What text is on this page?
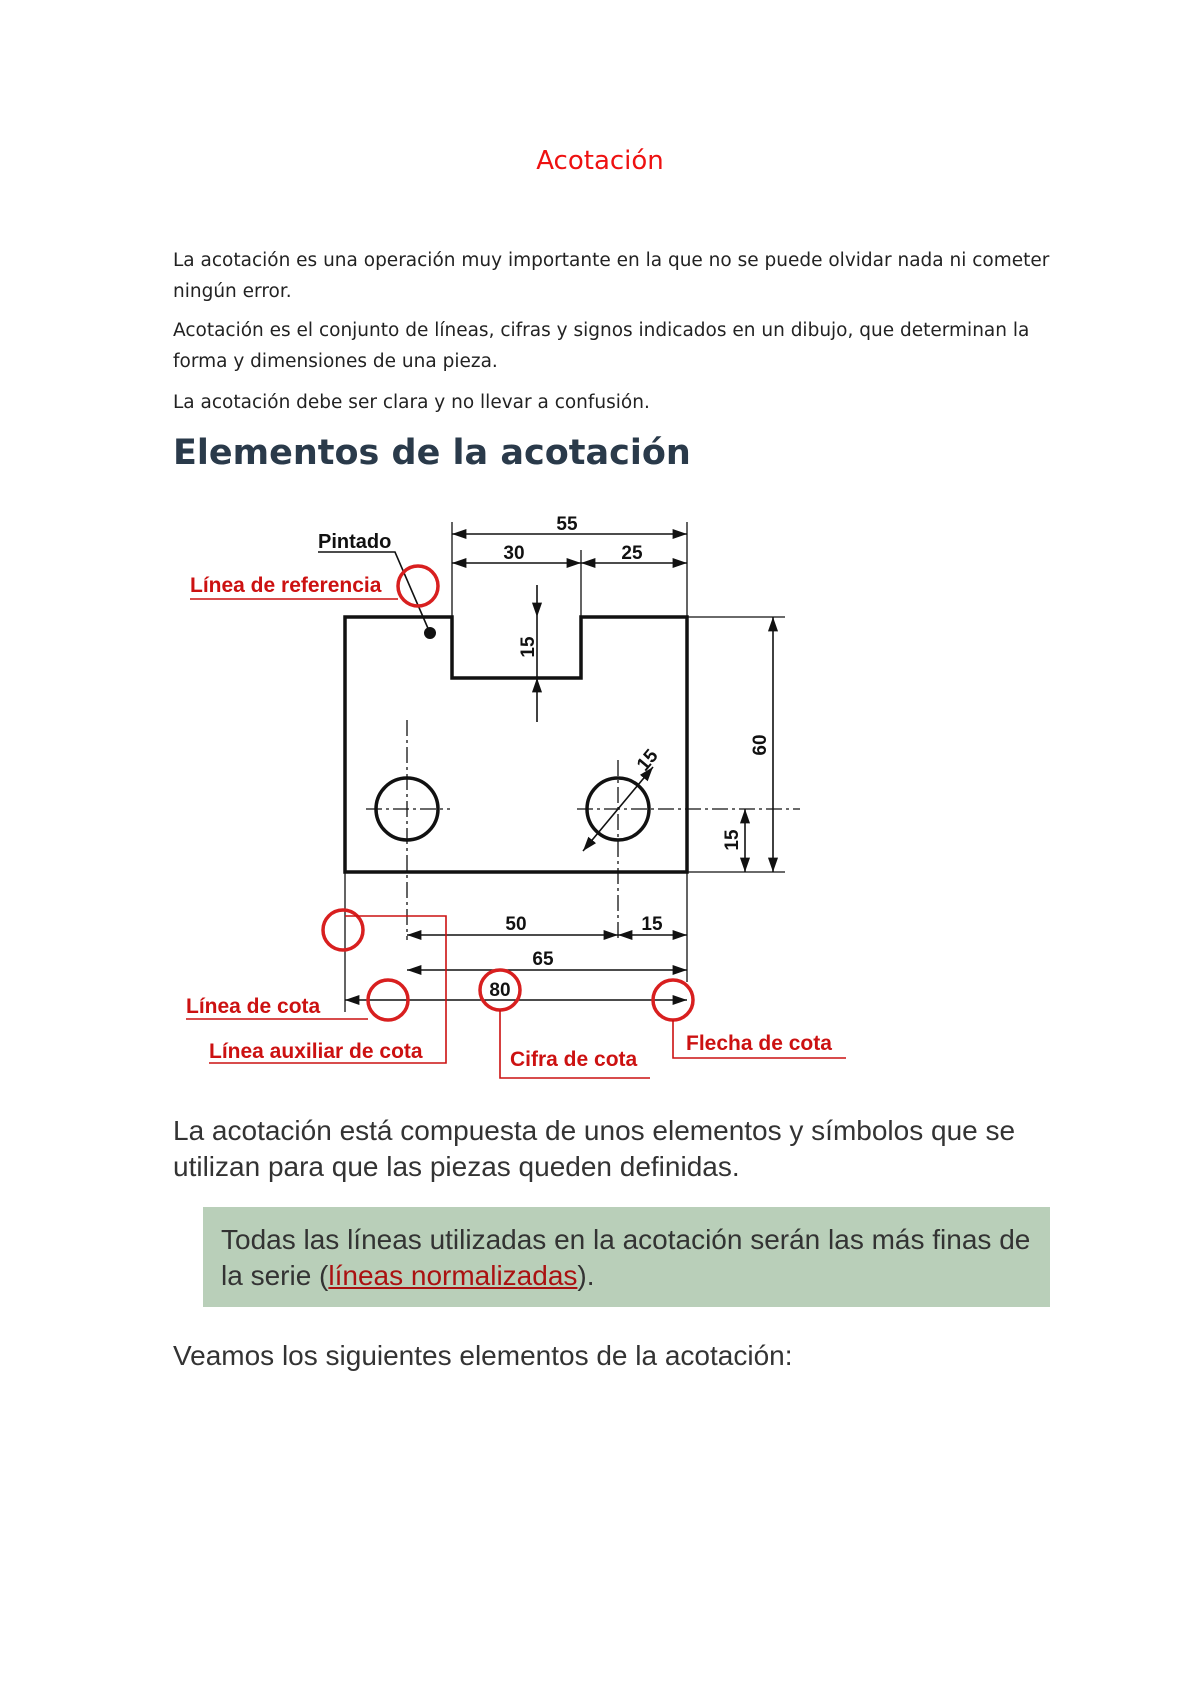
Acotación

La acotación es una operación muy importante en la que no se puede olvidar nada ni cometer ningún error.

Acotación es el conjunto de líneas, cifras y signos indicados en un dibujo, que determinan la forma y dimensiones de una pieza.

La acotación debe ser clara y no llevar a confusión.

Elementos de la acotación
55
30	25
15
60
15
15
50	15
65
80
Pintado
Línea de referencia
Línea de cota
Línea auxiliar de cota	Cifra de cota
Flecha de cota

La acotación está compuesta de unos elementos y símbolos que se utilizan para que las piezas queden definidas.

Todas las líneas utilizadas en la acotación serán las más finas de la serie (líneas normalizadas).

Veamos los siguientes elementos de la acotación:
